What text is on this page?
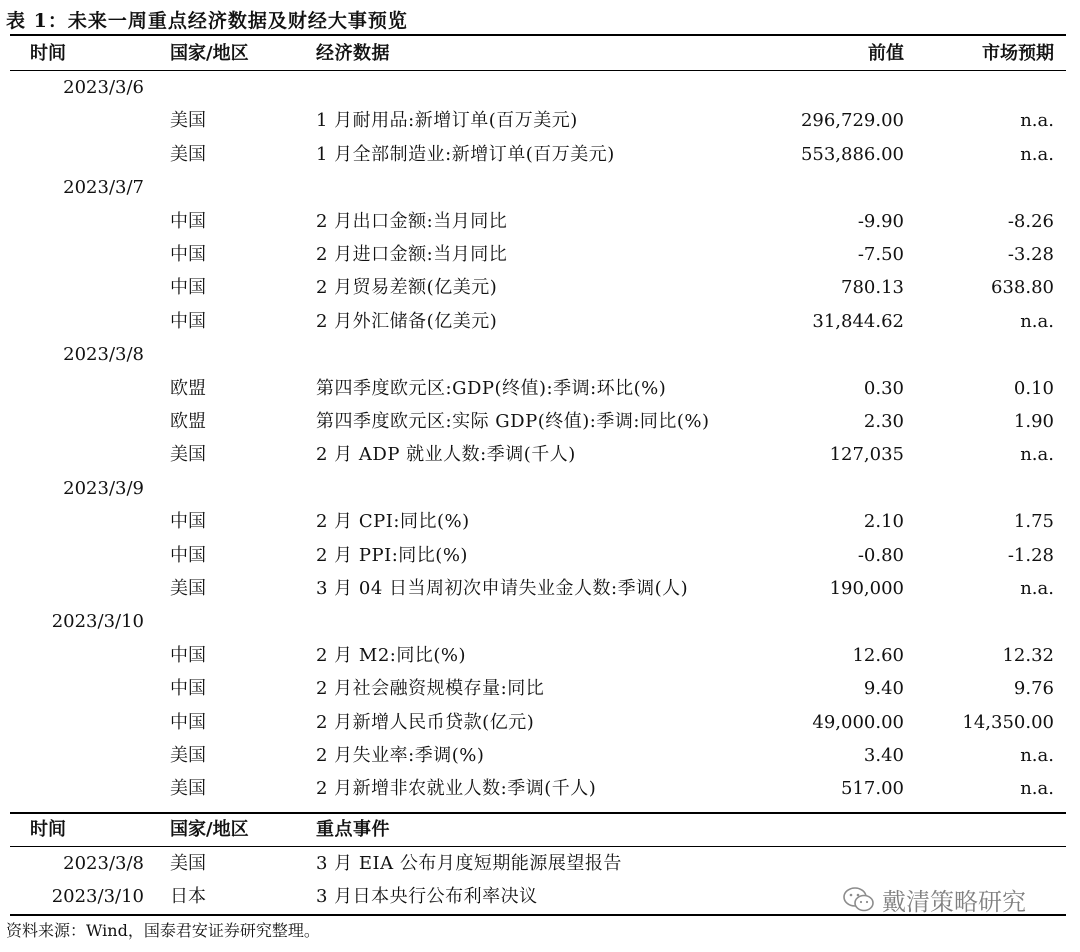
表 1：未来一周重点经济数据及财经大事预览
时间	国家/地区	经济数据	前值	市场预期
2023/3/6
美国	1 月耐用品:新增订单(百万美元)	296,729.00	n.a.
美国	1 月全部制造业:新增订单(百万美元)	553,886.00	n.a.
2023/3/7
中国	2 月出口金额:当月同比	-9.90	-8.26
中国	2 月进口金额:当月同比	-7.50	-3.28
中国	2 月贸易差额(亿美元)	780.13	638.80
中国	2 月外汇储备(亿美元)	31,844.62	n.a.
2023/3/8
欧盟	第四季度欧元区:GDP(终值):季调:环比(%)	0.30	0.10
欧盟	第四季度欧元区:实际 GDP(终值):季调:同比(%)	2.30	1.90
美国	2 月 ADP 就业人数:季调(千人)	127,035	n.a.
2023/3/9
中国	2 月 CPI:同比(%)	2.10	1.75
中国	2 月 PPI:同比(%)	-0.80	-1.28
美国	3 月 04 日当周初次申请失业金人数:季调(人)	190,000	n.a.
2023/3/10
中国	2 月 M2:同比(%)	12.60	12.32
中国	2 月社会融资规模存量:同比	9.40	9.76
中国	2 月新增人民币贷款(亿元)	49,000.00	14,350.00
美国	2 月失业率:季调(%)	3.40	n.a.
美国	2 月新增非农就业人数:季调(千人)	517.00	n.a.
时间	国家/地区	重点事件
2023/3/8 美国	3 月 EIA 公布月度短期能源展望报告
2023/3/10 日本	3 月日本央行公布利率决议
资料来源：Wind，国泰君安证券研究整理。
戴清策略研究
